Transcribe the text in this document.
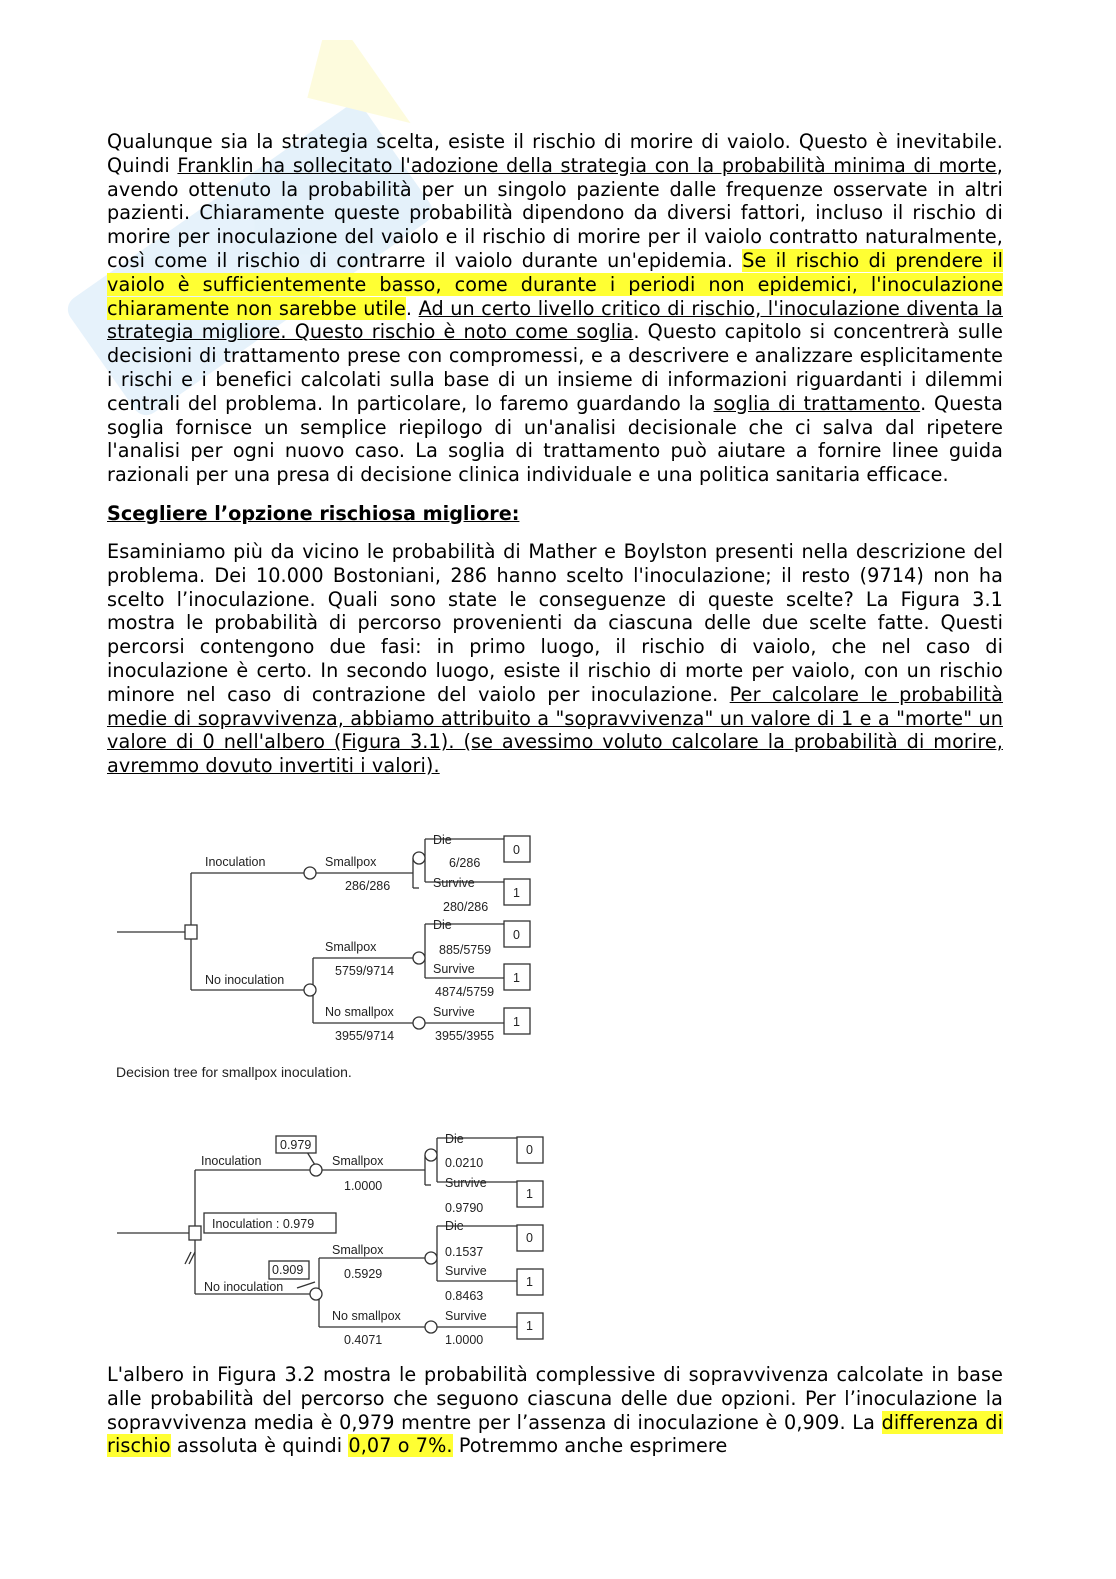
Qualunque sia la strategia scelta, esiste il rischio di morire di vaiolo. Questo è inevitabile. Quindi Franklin ha sollecitato l'adozione della strategia con la probabilità minima di morte, avendo ottenuto la probabilità per un singolo paziente dalle frequenze osservate in altri pazienti. Chiaramente queste probabilità dipendono da diversi fattori, incluso il rischio di morire per inoculazione del vaiolo e il rischio di morire per il vaiolo contratto naturalmente, così come il rischio di contrarre il vaiolo durante un'epidemia. Se il rischio di prendere il vaiolo è sufficientemente basso, come durante i periodi non epidemici, l'inoculazione chiaramente non sarebbe utile. Ad un certo livello critico di rischio, l'inoculazione diventa la strategia migliore. Questo rischio è noto come soglia. Questo capitolo si concentrerà sulle decisioni di trattamento prese con compromessi, e a descrivere e analizzare esplicitamente i rischi e i benefici calcolati sulla base di un insieme di informazioni riguardanti i dilemmi centrali del problema. In particolare, lo faremo guardando la soglia di trattamento. Questa soglia fornisce un semplice riepilogo di un'analisi decisionale che ci salva dal ripetere l'analisi per ogni nuovo caso. La soglia di trattamento può aiutare a fornire linee guida razionali per una presa di decisione clinica individuale e una politica sanitaria efficace.

Scegliere l’opzione rischiosa migliore:

Esaminiamo più da vicino le probabilità di Mather e Boylston presenti nella descrizione del problema. Dei 10.000 Bostoniani, 286 hanno scelto l'inoculazione; il resto (9714) non ha scelto l’inoculazione. Quali sono state le conseguenze di queste scelte? La Figura 3.1 mostra le probabilità di percorso provenienti da ciascuna delle due scelte fatte. Questi percorsi contengono due fasi: in primo luogo, il rischio di vaiolo, che nel caso di inoculazione è certo. In secondo luogo, esiste il rischio di morte per vaiolo, con un rischio minore nel caso di contrazione del vaiolo per inoculazione. Per calcolare le probabilità medie di sopravvivenza, abbiamo attribuito a "sopravvivenza" un valore di 1 e a "morte" un valore di 0 nell'albero (Figura 3.1). (se avessimo voluto calcolare la probabilità di morire, avremmo dovuto invertiti i valori).

Inoculation
No inoculation
Smallpox
286/286
Smallpox
5759/9714
No smallpox
3955/9714
Die
6/286
Survive
280/286
Die
885/5759
Survive
4874/5759
Survive
3955/3955
0
1
0
1
1

Decision tree for smallpox inoculation.

0.979
Inoculation : 0.979
0.909
Inoculation
No inoculation
Smallpox
1.0000
Smallpox
0.5929
No smallpox
0.4071
Die
0.0210
Survive
0.9790
Die
0.1537
Survive
0.8463
Survive
1.0000
0
1
0
1
1

L'albero in Figura 3.2 mostra le probabilità complessive di sopravvivenza calcolate in base alle probabilità del percorso che seguono ciascuna delle due opzioni. Per l’inoculazione la sopravvivenza media è 0,979 mentre per l’assenza di inoculazione è 0,909. La differenza di rischio assoluta è quindi 0,07 o 7%. Potremmo anche esprimere
